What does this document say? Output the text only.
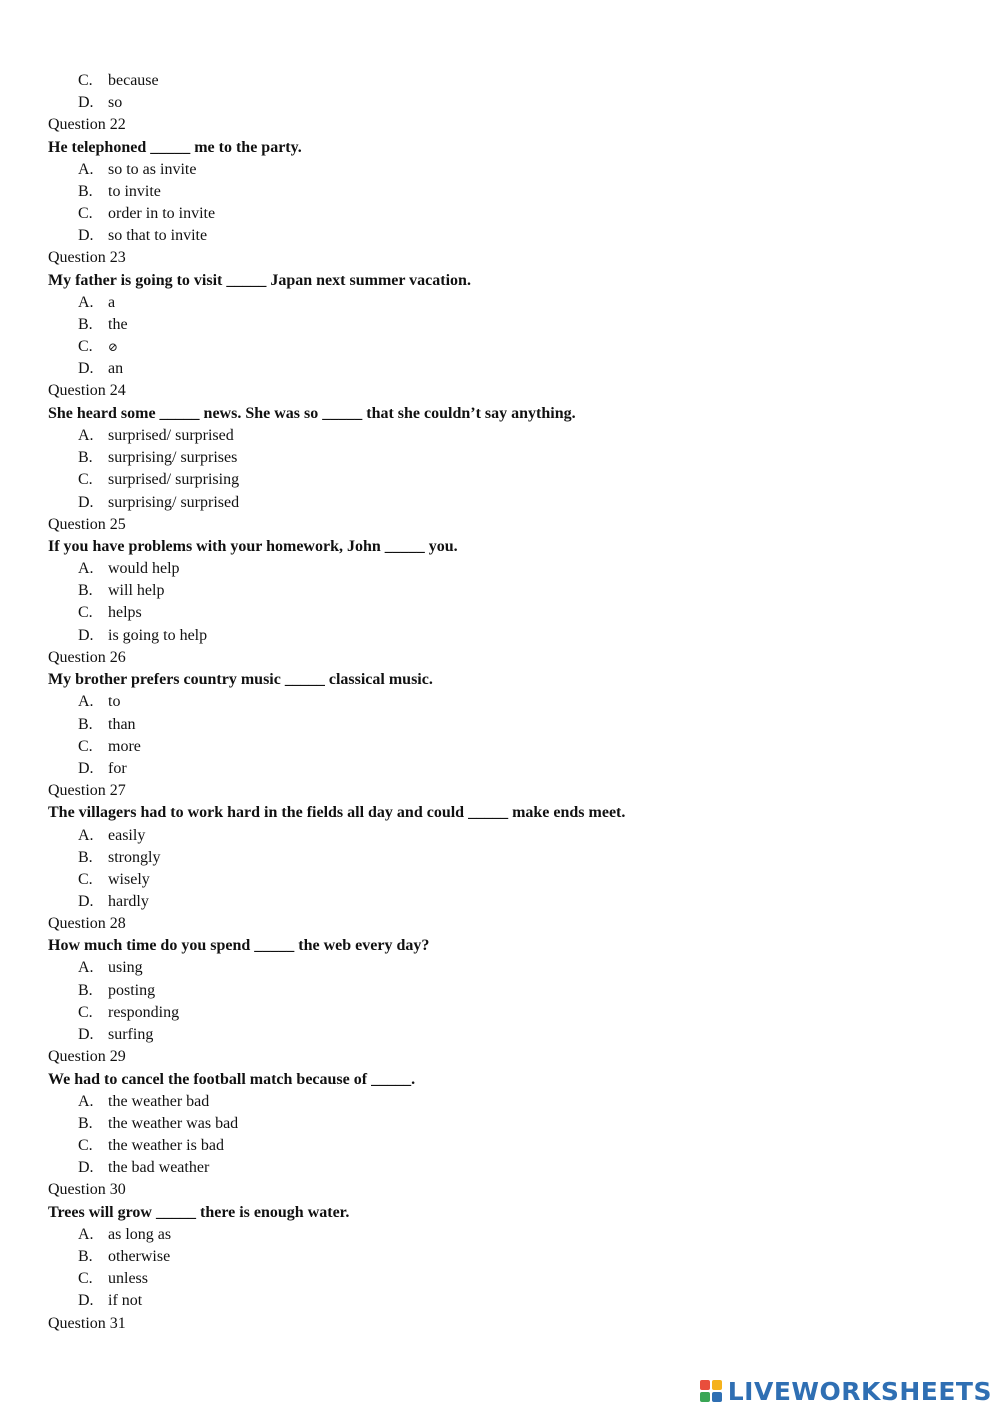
C. because
D. so
Question 22
He telephoned _____ me to the party.
A. so to as invite
B. to invite
C. order in to invite
D. so that to invite
Question 23
My father is going to visit _____ Japan next summer vacation.
A. a
B. the
C. ⊘
D. an
Question 24
She heard some _____ news. She was so _____ that she couldn’t say anything.
A. surprised/ surprised
B. surprising/ surprises
C. surprised/ surprising
D. surprising/ surprised
Question 25
If you have problems with your homework, John _____ you.
A. would help
B. will help
C. helps
D. is going to help
Question 26
My brother prefers country music _____ classical music.
A. to
B. than
C. more
D. for
Question 27
The villagers had to work hard in the fields all day and could _____ make ends meet.
A. easily
B. strongly
C. wisely
D. hardly
Question 28
How much time do you spend _____ the web every day?
A. using
B. posting
C. responding
D. surfing
Question 29
We had to cancel the football match because of _____.
A. the weather bad
B. the weather was bad
C. the weather is bad
D. the bad weather
Question 30
Trees will grow _____ there is enough water.
A. as long as
B. otherwise
C. unless
D. if not
Question 31
LIVEWORKSHEETS
